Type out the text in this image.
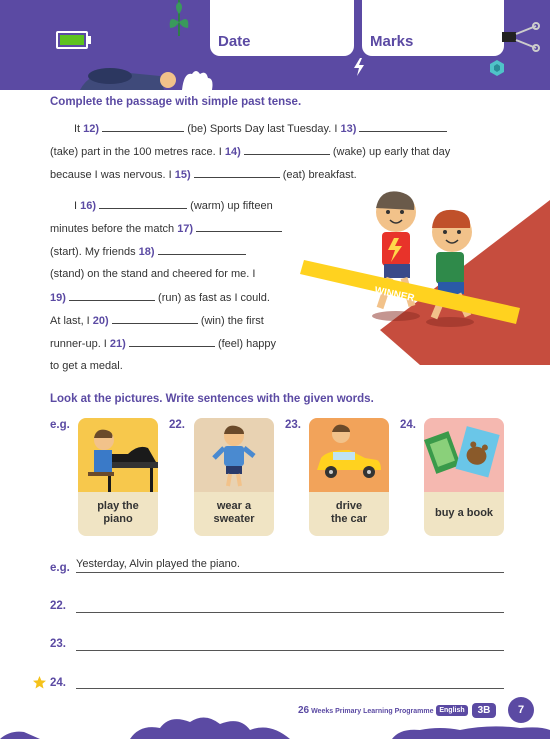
Date	Marks
Complete the passage with simple past tense.
It 12)	(be) Sports Day last Tuesday. I 13)
(take) part in the 100 metres race. I 14)	(wake) up early that day
because I was nervous. I 15)	(eat) breakfast.
I 16)	(warm) up fifteen
minutes before the match 17)
(start). My friends 18)
(stand) on the stand and cheered for me. I
19)	(run) as fast as I could.
At last, I 20)	(win) the first
runner-up. I 21)	(feel) happy
to get a medal.
WINNER
Look at the pictures. Write sentences with the given words.
e.g.
play the
piano
22.
wear a
sweater
23.
drive
the car
24.
buy a book
e.g. Yesterday, Alvin played the piano.
22.
23.
24.
26 Weeks Primary Learning Programme English	3B	7
